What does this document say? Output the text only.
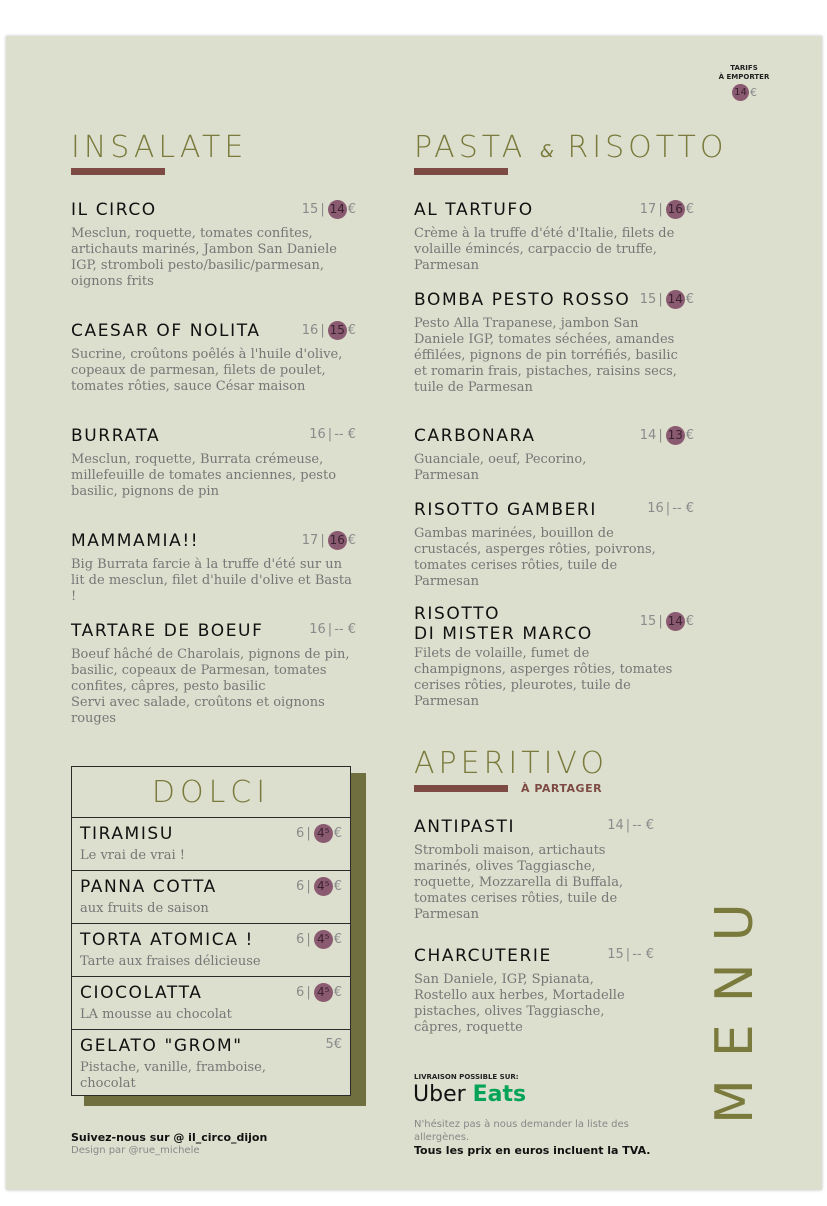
TARIFS
À EMPORTER
14 €
INSALATE
IL CIRCO	15 | 14 €
Mesclun, roquette, tomates confites, artichauts marinés, Jambon San Daniele IGP, stromboli pesto/basilic/parmesan, oignons frits
CAESAR OF NOLITA	16 | 15 €
Sucrine, croûtons poêlés à l'huile d'olive, copeaux de parmesan, filets de poulet, tomates rôties, sauce César maison
BURRATA	16 | --
€
Mesclun, roquette, Burrata crémeuse, millefeuille de tomates anciennes, pesto basilic, pignons de pin
MAMMAMIA!!	17 | 16 €
Big Burrata farcie à la truffe d'été sur un lit de mesclun, filet d'huile d'olive et Basta !
TARTARE DE BOEUF	16 | --
€
Boeuf hâché de Charolais, pignons de pin, basilic, copeaux de Parmesan, tomates confites, câpres, pesto basilic
Servi avec salade, croûtons et oignons rouges
PASTA & RISOTTO
AL TARTUFO	17 | 16 €
Crème à la truffe d'été d'Italie, filets de volaille émincés, carpaccio de truffe, Parmesan
BOMBA PESTO ROSSO 15 | 14 €
Pesto Alla Trapanese, jambon San Daniele IGP, tomates séchées, amandes éffilées, pignons de pin torréfiés, basilic et romarin frais, pistaches, raisins secs, tuile de Parmesan
CARBONARA	14 | 13 €
Guanciale, oeuf, Pecorino, Parmesan
RISOTTO GAMBERI	16 | --
€
Gambas marinées, bouillon de crustacés, asperges rôties, poivrons, tomates cerises rôties, tuile de Parmesan
RISOTTO
DI MISTER MARCO
15 | 14 €
Filets de volaille, fumet de champignons, asperges rôties, tomates cerises rôties, pleurotes, tuile de Parmesan
DOLCI
TIRAMISU	6 | 4⁵ €
Le vrai de vrai !
PANNA COTTA	6 | 4⁵ €
aux fruits de saison
TORTA ATOMICA !	6 | 4⁵ €
Tarte aux fraises délicieuse
CIOCOLATTA	6 | 4⁵ €
LA mousse au chocolat
GELATO "GROM"	5 €
Pistache, vanille, framboise, chocolat
APERITIVO
À PARTAGER
ANTIPASTI	14 | --
€
Stromboli maison, artichauts marinés, olives Taggiasche, roquette, Mozzarella di Buffala, tomates cerises rôties, tuile de Parmesan
CHARCUTERIE	15 | --
€
San Daniele, IGP, Spianata, Rostello aux herbes, Mortadelle pistaches, olives Taggiasche, câpres, roquette
LIVRAISON POSSIBLE SUR:
Uber Eats
N'hésitez pas à nous demander la liste des allergènes.
Tous les prix en euros incluent la TVA.
Suivez-nous sur @ il_circo_dijon
Design par @rue_michele
MENU
